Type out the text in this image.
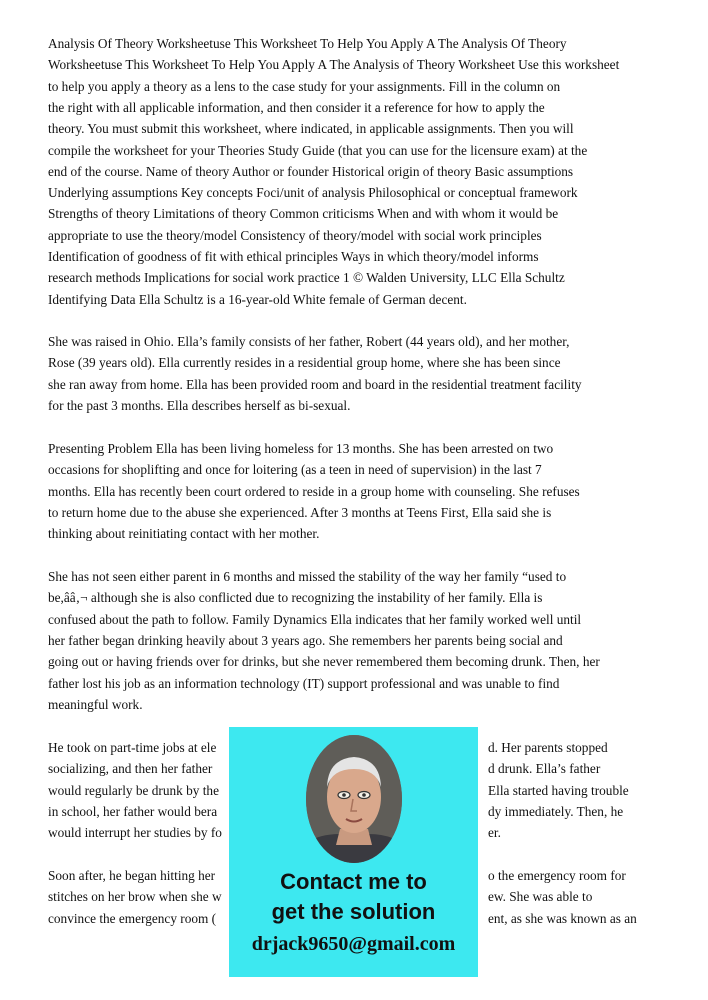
Analysis Of Theory Worksheetuse This Worksheet To Help You Apply A The Analysis Of Theory
Worksheetuse This Worksheet To Help You Apply A The Analysis of Theory Worksheet Use this worksheet
to help you apply a theory as a lens to the case study for your assignments. Fill in the column on
the right with all applicable information, and then consider it a reference for how to apply the
theory. You must submit this worksheet, where indicated, in applicable assignments. Then you will
compile the worksheet for your Theories Study Guide (that you can use for the licensure exam) at the
end of the course. Name of theory Author or founder Historical origin of theory Basic assumptions
Underlying assumptions Key concepts Foci/unit of analysis Philosophical or conceptual framework
Strengths of theory Limitations of theory Common criticisms When and with whom it would be
appropriate to use the theory/model Consistency of theory/model with social work principles
Identification of goodness of fit with ethical principles Ways in which theory/model informs
research methods Implications for social work practice 1 © Walden University, LLC Ella Schultz
Identifying Data Ella Schultz is a 16-year-old White female of German decent.
She was raised in Ohio. Ella’s family consists of her father, Robert (44 years old), and her mother,
Rose (39 years old). Ella currently resides in a residential group home, where she has been since
she ran away from home. Ella has been provided room and board in the residential treatment facility
for the past 3 months. Ella describes herself as bi-sexual.
Presenting Problem Ella has been living homeless for 13 months. She has been arrested on two
occasions for shoplifting and once for loitering (as a teen in need of supervision) in the last 7
months. Ella has recently been court ordered to reside in a group home with counseling. She refuses
to return home due to the abuse she experienced. After 3 months at Teens First, Ella said she is
thinking about reinitiating contact with her mother.
She has not seen either parent in 6 months and missed the stability of the way her family “used to
be,ââ‚¬ although she is also conflicted due to recognizing the instability of her family. Ella is
confused about the path to follow. Family Dynamics Ella indicates that her family worked well until
her father began drinking heavily about 3 years ago. She remembers her parents being social and
going out or having friends over for drinks, but she never remembered them becoming drunk. Then, her
father lost his job as an information technology (IT) support professional and was unable to find
meaningful work.
He took on part-time jobs at ele
socializing, and then her father
would regularly be drunk by the
in school, her father would bera
would interrupt her studies by fo
d. Her parents stopped
d drunk. Ella’s father
Ella started having trouble
dy immediately. Then, he
er.
Soon after, he began hitting her
stitches on her brow when she w
convince the emergency room (
o the emergency room for
ew. She was able to
ent, as she was known as an
Contact me to
get the solution
drjack9650@gmail.com
